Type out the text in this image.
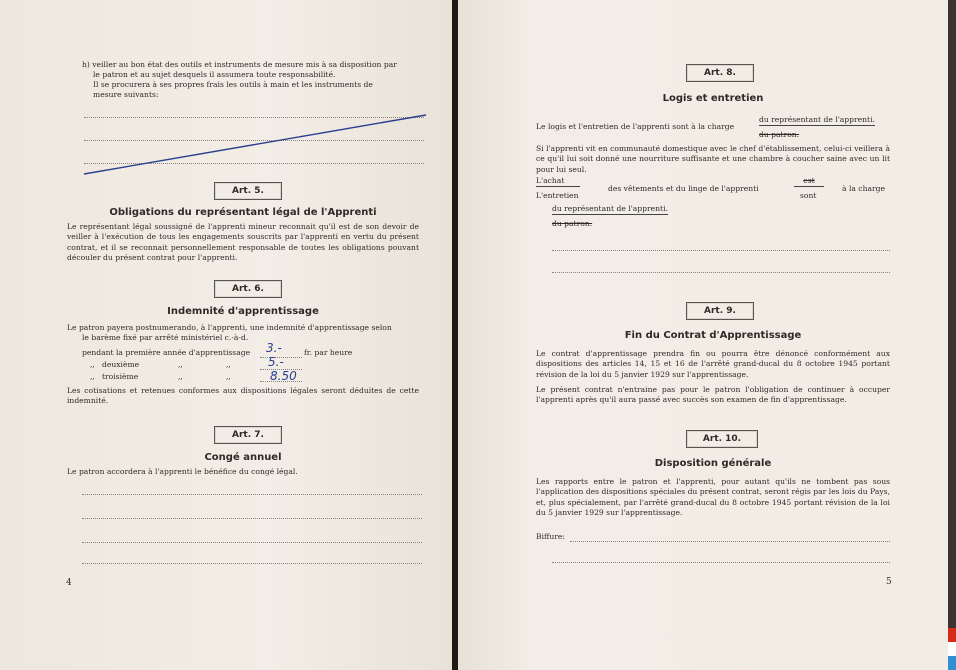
h) veiller au bon état des outils et instruments de mesure mis à sa disposition par
le patron et au sujet desquels il assumera toute responsabilité.
Il se procurera à ses propres frais les outils à main et les instruments de
mesure suivants:
Art. 5.
Obligations du représentant légal de l'Apprenti
Le représentant légal soussigné de l'apprenti mineur reconnait qu'il est de son devoir de veiller à l'exécution de tous les engagements souscrits par l'apprenti en vertu du présent contrat, et il se reconnait personnellement responsable de toutes les obligations pouvant découler du présent contrat pour l'apprenti.
Art. 6.
Indemnité d'apprentissage
Le patron payera postnumerando, à l'apprenti, une indemnité d'apprentissage selon
le barème fixé par arrêté ministériel c.-à-d.
pendant la première année d'apprentissage
,, deuxième
,, troisième
,,	,,
,,	,,
3.-
5.-
8.50
fr. par heure
Les cotisations et retenues conformes aux dispositions légales seront déduites de cette indemnité.
Art. 7.
Congé annuel
Le patron accordera à l'apprenti le bénéfice du congé légal.
4
Art. 8.
Logis et entretien
Le logis et l'entretien de l'apprenti sont à la charge
du représentant de l'apprenti.
du patron.
Si l'apprenti vit en communauté domestique avec le chef d'établissement, celui-ci veillera à ce qu'il lui soit donné une nourriture suffisante et une chambre à coucher saine avec un lit pour lui seul.
L'achat
L'entretien
des vêtements et du linge de l'apprenti
est
sont
à la charge
du représentant de l'apprenti.
du patron.
Art. 9.
Fin du Contrat d'Apprentissage
Le contrat d'apprentissage prendra fin ou pourra être dénoncé conformément aux dispositions des articles 14, 15 et 16 de l'arrêté grand-ducal du 8 octobre 1945 portant révision de la loi du 5 janvier 1929 sur l'apprentissage.
Le présent contrat n'entraine pas pour le patron l'obligation de continuer à occuper l'apprenti après qu'il aura passé avec succès son examen de fin d'apprentissage.
Art. 10.
Disposition générale
Les rapports entre le patron et l'apprenti, pour autant qu'ils ne tombent pas sous l'application des dispositions spéciales du présent contrat, seront régis par les lois du Pays, et, plus spécialement, par l'arrêté grand-ducal du 8 octobre 1945 portant révision de la loi du 5 janvier 1929 sur l'apprentissage.
Biffure:
5
